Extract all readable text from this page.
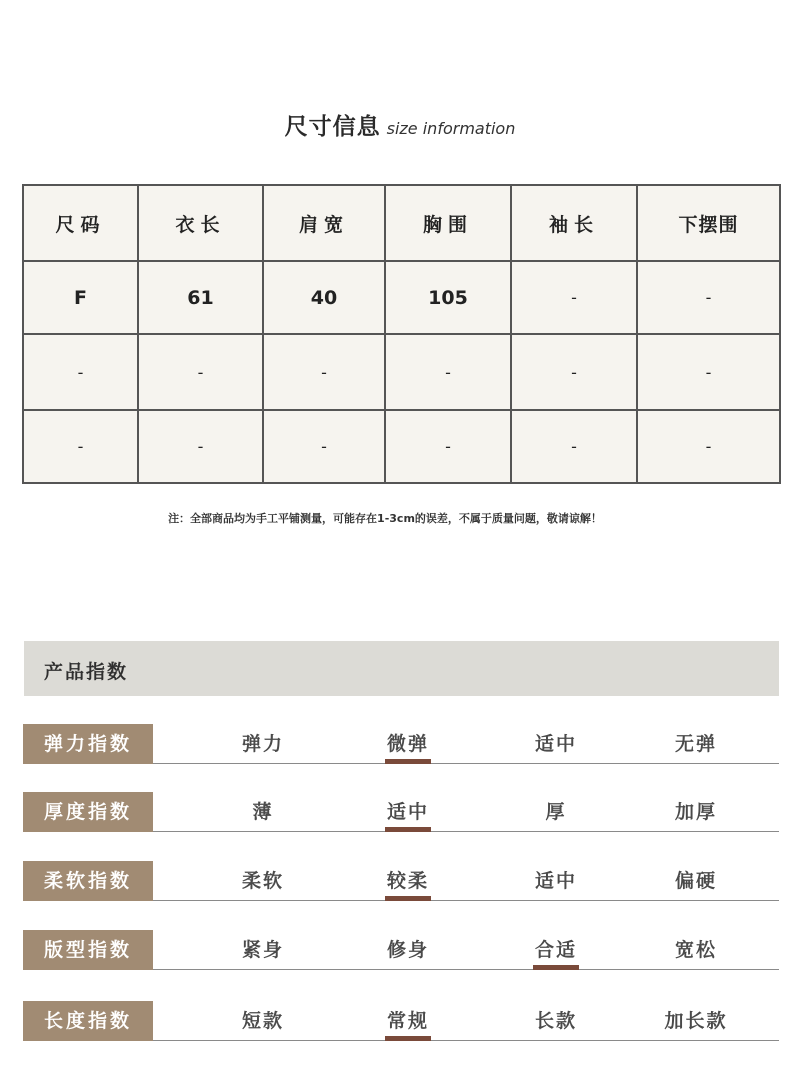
尺寸信息 size information
尺码	衣长	肩宽	胸围	袖长	下摆围
F	61	40	105	-	-
-	-	-	-	-	-
-	-	-	-	-	-
注：全部商品均为手工平铺测量，可能存在1-3cm的误差，不属于质量问题，敬请谅解！
产品指数
弹力指数	弹力	微弹	适中	无弹
厚度指数	薄	适中	厚	加厚
柔软指数	柔软	较柔	适中	偏硬
版型指数	紧身	修身	合适	宽松
长度指数	短款	常规	长款	加长款
